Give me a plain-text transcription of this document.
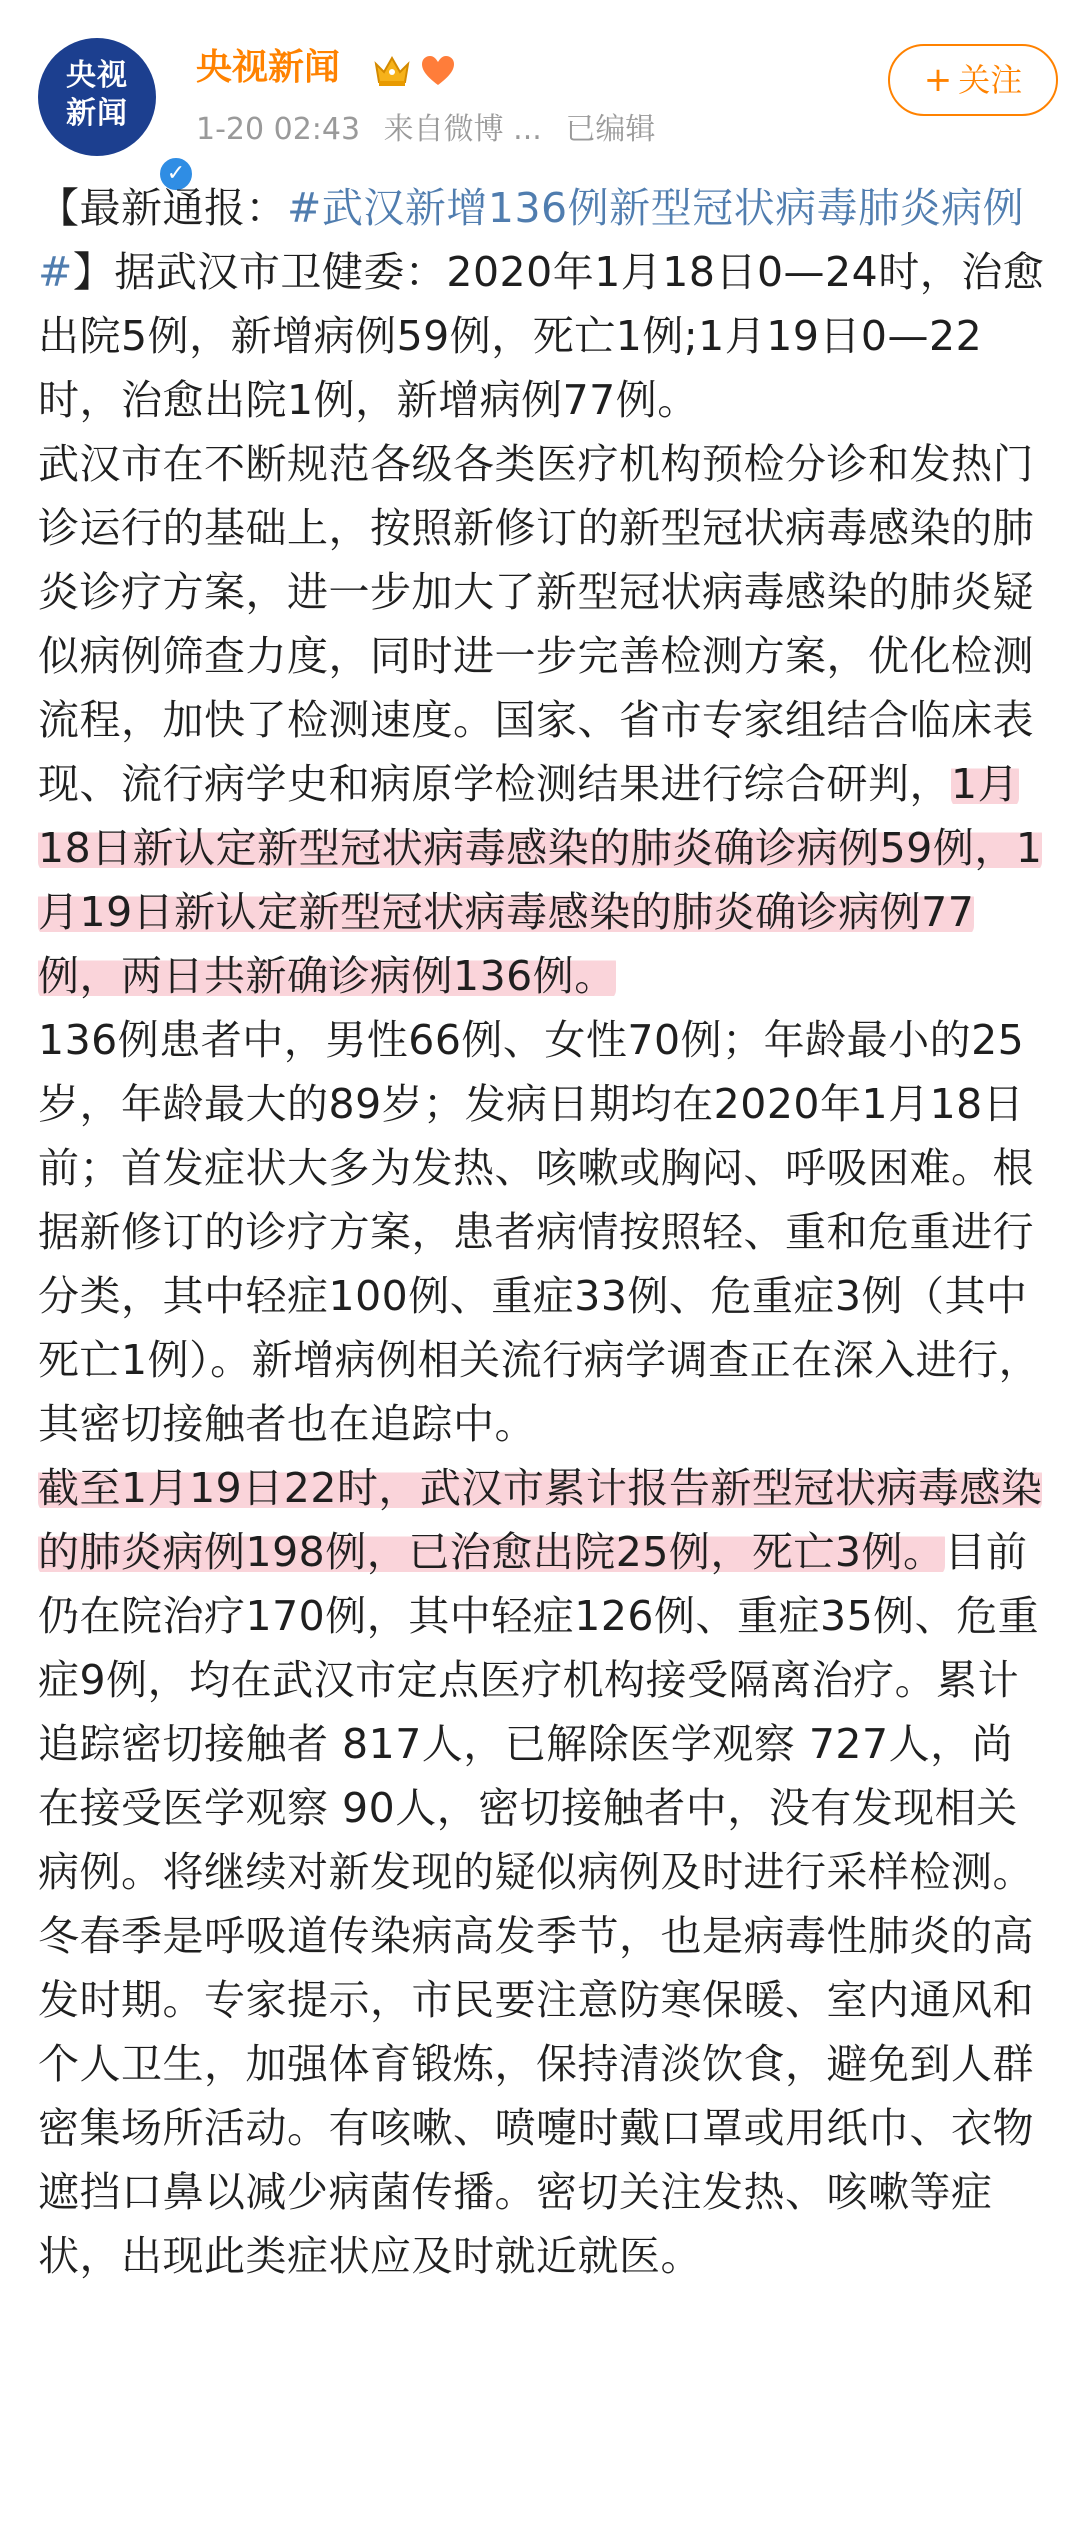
央视
新闻
✓
央视新闻
1-20 02:43 来自微博 ... 已编辑
+ 关注

【最新通报：#武汉新增136例新型冠状病毒肺炎病例#】据武汉市卫健委：2020年1月18日0—24时，治愈出院5例，新增病例59例，死亡1例;1月19日0—22时，治愈出院1例，新增病例77例。

武汉市在不断规范各级各类医疗机构预检分诊和发热门诊运行的基础上，按照新修订的新型冠状病毒感染的肺炎诊疗方案，进一步加大了新型冠状病毒感染的肺炎疑似病例筛查力度，同时进一步完善检测方案，优化检测流程，加快了检测速度。国家、省市专家组结合临床表现、流行病学史和病原学检测结果进行综合研判，1月18日新认定新型冠状病毒感染的肺炎确诊病例59例，1月19日新认定新型冠状病毒感染的肺炎确诊病例77例，两日共新确诊病例136例。

136例患者中，男性66例、女性70例；年龄最小的25岁，年龄最大的89岁；发病日期均在2020年1月18日前；首发症状大多为发热、咳嗽或胸闷、呼吸困难。根据新修订的诊疗方案，患者病情按照轻、重和危重进行分类，其中轻症100例、重症33例、危重症3例（其中死亡1例）。新增病例相关流行病学调查正在深入进行，其密切接触者也在追踪中。

截至1月19日22时，武汉市累计报告新型冠状病毒感染的肺炎病例198例，已治愈出院25例，死亡3例。目前仍在院治疗170例，其中轻症126例、重症35例、危重症9例，均在武汉市定点医疗机构接受隔离治疗。累计追踪密切接触者 817人，已解除医学观察 727人，尚在接受医学观察 90人，密切接触者中，没有发现相关病例。将继续对新发现的疑似病例及时进行采样检测。

冬春季是呼吸道传染病高发季节，也是病毒性肺炎的高发时期。专家提示，市民要注意防寒保暖、室内通风和个人卫生，加强体育锻炼，保持清淡饮食，避免到人群密集场所活动。有咳嗽、喷嚏时戴口罩或用纸巾、衣物遮挡口鼻以减少病菌传播。密切关注发热、咳嗽等症状，出现此类症状应及时就近就医。
